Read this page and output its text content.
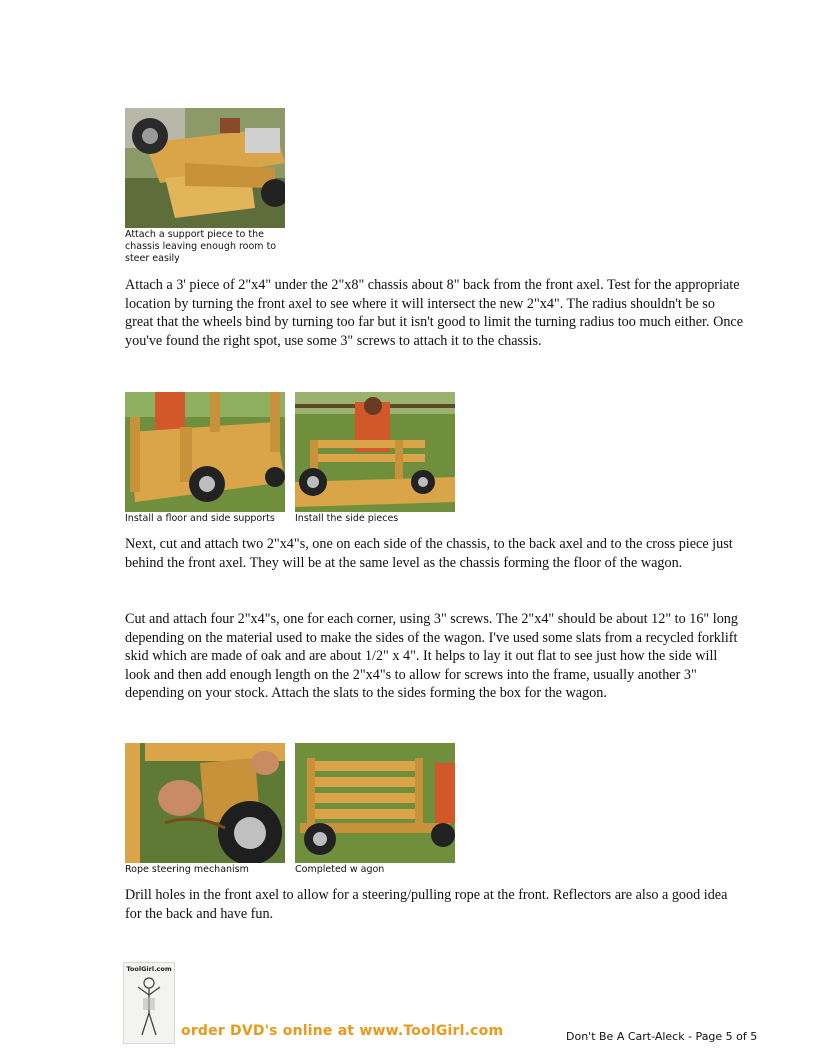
Attach a support piece to the chassis leaving enough room to steer easily

Attach a 3' piece of 2"x4" under the 2"x8" chassis about 8" back from the front axel. Test for the appropriate location by turning the front axel to see where it will intersect the new 2"x4". The radius shouldn't be so great that the wheels bind by turning too far but it isn't good to limit the turning radius too much either. Once you've found the right spot, use some 3" screws to attach it to the chassis.

Install a floor and side supports	Install the side pieces

Next, cut and attach two 2"x4"s, one on each side of the chassis, to the back axel and to the cross piece just behind the front axel. They will be at the same level as the chassis forming the floor of the wagon.

Cut and attach four 2"x4"s, one for each corner, using 3" screws. The 2"x4" should be about 12" to 16" long depending on the material used to make the sides of the wagon. I've used some slats from a recycled forklift skid which are made of oak and are about 1/2" x 4". It helps to lay it out flat to see just how the side will look and then add enough length on the 2"x4"s to allow for screws into the frame, usually another 3" depending on your stock. Attach the slats to the sides forming the box for the wagon.

Rope steering mechanism	Completed w agon

Drill holes in the front axel to allow for a steering/pulling rope at the front. Reflectors are also a good idea for the back and have fun.

ToolGirl.com
order DVD's online at www.ToolGirl.com	Don't Be A Cart-Aleck - Page 5 of 5
